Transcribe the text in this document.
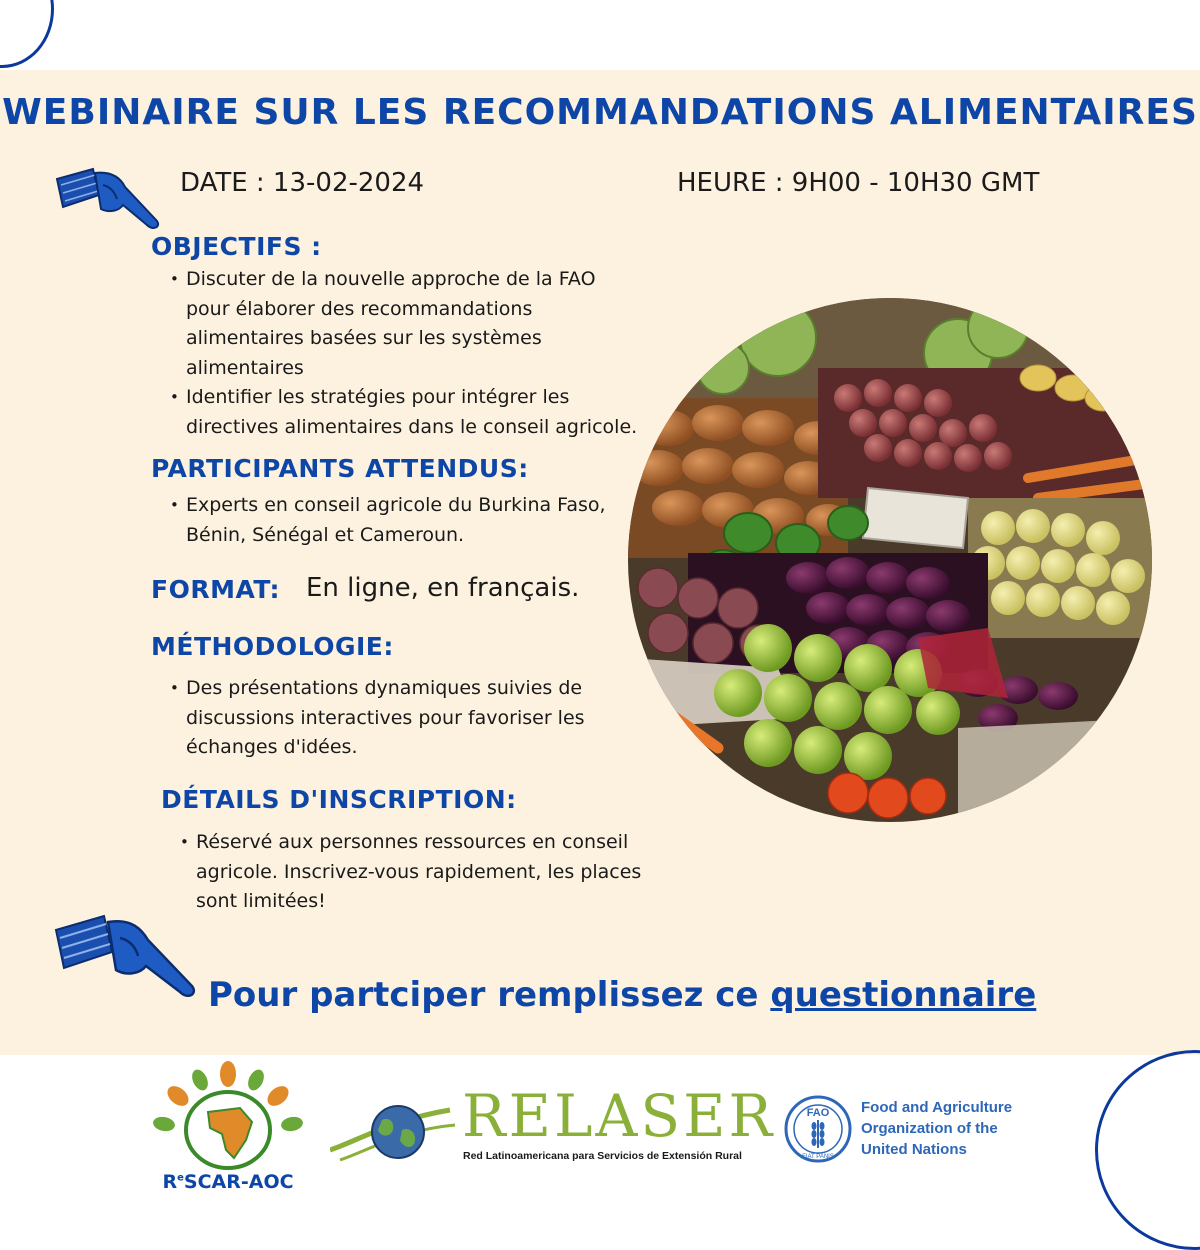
WEBINAIRE SUR LES RECOMMANDATIONS ALIMENTAIRES
DATE : 13-02-2024	HEURE : 9H00 - 10H30 GMT
OBJECTIFS :
• Discuter de la nouvelle approche de la FAO pour élaborer des recommandations alimentaires basées sur les systèmes alimentaires
• Identifier les stratégies pour intégrer les directives alimentaires dans le conseil agricole.
PARTICIPANTS ATTENDUS:
• Experts en conseil agricole du Burkina Faso, Bénin, Sénégal et Cameroun.
FORMAT: En ligne, en français.
MÉTHODOLOGIE:
• Des présentations dynamiques suivies de discussions interactives pour favoriser les échanges d'idées.
DÉTAILS D'INSCRIPTION:
• Réservé aux personnes ressources en conseil agricole. Inscrivez-vous rapidement, les places sont limitées!
Pour partciper remplissez ce questionnaire
$R^eSCAR$-AOC
RELASER
Red Latinoamericana para Servicios de Extensión Rural
FAO
FIAT PANIS
Food and Agriculture
Organization of the
United Nations
